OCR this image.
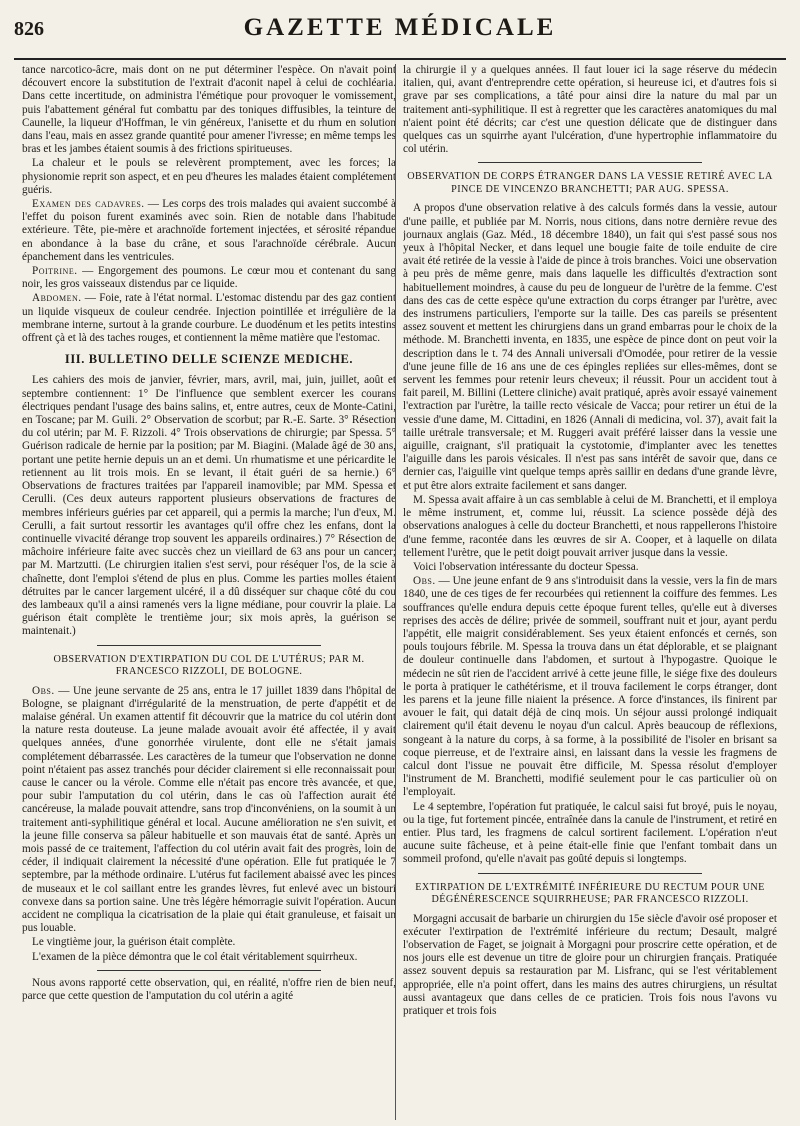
826	GAZETTE MÉDICALE

tance narcotico-âcre, mais dont on ne put déterminer l'espèce. On n'avait point découvert encore la substitution de l'extrait d'aconit napel à celui de cochléaria. Dans cette incertitude, on administra l'émétique pour provoquer le vomissement, puis l'abattement général fut combattu par des toniques diffusibles, la teinture de Caunelle, la liqueur d'Hoffman, le vin généreux, l'anisette et du rhum en solution dans l'eau, mais en assez grande quantité pour amener l'ivresse; en même temps les bras et les jambes étaient soumis à des frictions spiritueuses.

La chaleur et le pouls se relevèrent promptement, avec les forces; la physionomie reprit son aspect, et en peu d'heures les malades étaient complétement guéris.

Examen des cadavres. — Les corps des trois malades qui avaient succombé à l'effet du poison furent examinés avec soin. Rien de notable dans l'habitude extérieure. Tête, pie-mère et arachnoïde fortement injectées, et sérosité répandue en abondance à la base du crâne, et sous l'arachnoïde cérébrale. Aucun épanchement dans les ventricules.

Poitrine. — Engorgement des poumons. Le cœur mou et contenant du sang noir, les gros vaisseaux distendus par ce liquide.

Abdomen. — Foie, rate à l'état normal. L'estomac distendu par des gaz contient un liquide visqueux de couleur cendrée. Injection pointillée et irrégulière de la membrane interne, surtout à la grande courbure. Le duodénum et les petits intestins offrent çà et là des taches rouges, et contiennent la même matière que l'estomac.

III. BULLETINO DELLE SCIENZE MEDICHE.

Les cahiers des mois de janvier, février, mars, avril, mai, juin, juillet, août et septembre contiennent: 1° De l'influence que semblent exercer les courans électriques pendant l'usage des bains salins, et, entre autres, ceux de Monte-Catini, en Toscane; par M. Guili. 2° Observation de scorbut; par R.-E. Sarte. 3° Résection du col utérin; par M. F. Rizzoli. 4° Trois observations de chirurgie; par Spessa. 5° Guérison radicale de hernie par la position; par M. Biagini. (Malade âgé de 30 ans, portant une petite hernie depuis un an et demi. Un rhumatisme et une péricardite le retiennent au lit trois mois. En se levant, il était guéri de sa hernie.) 6° Observations de fractures traitées par l'appareil inamovible; par MM. Spessa et Cerulli. (Ces deux auteurs rapportent plusieurs observations de fractures de membres inférieurs guéries par cet appareil, qui a permis la marche; l'un d'eux, M. Cerulli, a fait surtout ressortir les avantages qu'il offre chez les enfans, dont la continuelle vivacité dérange trop souvent les appareils ordinaires.) 7° Résection de mâchoire inférieure faite avec succès chez un vieillard de 63 ans pour un cancer; par M. Martzutti. (Le chirurgien italien s'est servi, pour réséquer l'os, de la scie à chaînette, dont l'emploi s'étend de plus en plus. Comme les parties molles étaient détruites par le cancer largement ulcéré, il a dû disséquer sur chaque côté du cou des lambeaux qu'il a ainsi ramenés vers la ligne médiane, pour couvrir la plaie. La guérison était complète le trentième jour; six mois après, la guérison se maintenait.)

OBSERVATION D'EXTIRPATION DU COL DE L'UTÉRUS; PAR M. FRANCESCO RIZZOLI, DE BOLOGNE.

Obs. — Une jeune servante de 25 ans, entra le 17 juillet 1839 dans l'hôpital de Bologne, se plaignant d'irrégularité de la menstruation, de perte d'appétit et de malaise général. Un examen attentif fit découvrir que la matrice du col utérin dont la nature resta douteuse. La jeune malade avouait avoir été affectée, il y avait quelques années, d'une gonorrhée virulente, dont elle ne s'était jamais complétement débarrassée. Les caractères de la tumeur que l'observation ne donne point n'étaient pas assez tranchés pour décider clairement si elle reconnaissait pour cause le cancer ou la vérole. Comme elle n'était pas encore très avancée, et que, pour subir l'amputation du col utérin, dans le cas où l'affection aurait été cancéreuse, la malade pouvait attendre, sans trop d'inconvéniens, on la soumit à un traitement anti-syphilitique général et local. Aucune amélioration ne s'en suivit, et la jeune fille conserva sa pâleur habituelle et son mauvais état de santé. Après un mois passé de ce traitement, l'affection du col utérin avait fait des progrès, loin de céder, il indiquait clairement la nécessité d'une opération. Elle fut pratiquée le 7 septembre, par la méthode ordinaire. L'utérus fut facilement abaissé avec les pinces de museaux et le col saillant entre les grandes lèvres, fut enlevé avec un bistouri convexe dans sa portion saine. Une très légère hémorragie suivit l'opération. Aucun accident ne compliqua la cicatrisation de la plaie qui était granuleuse, et faisait un pus louable.

Le vingtième jour, la guérison était complète.

L'examen de la pièce démontra que le col était véritablement squirrheux.

Nous avons rapporté cette observation, qui, en réalité, n'offre rien de bien neuf, parce que cette question de l'amputation du col utérin a agité

la chirurgie il y a quelques années. Il faut louer ici la sage réserve du médecin italien, qui, avant d'entreprendre cette opération, si heureuse ici, et d'autres fois si grave par ses complications, a tâté pour ainsi dire la nature du mal par un traitement anti-syphilitique. Il est à regretter que les caractères anatomiques du mal n'aient point été décrits; car c'est une question délicate que de distinguer dans quelques cas un squirrhe ayant l'ulcération, d'une hypertrophie inflammatoire du col utérin.

OBSERVATION DE CORPS ÉTRANGER DANS LA VESSIE RETIRÉ AVEC LA PINCE DE VINCENZO BRANCHETTI; PAR AUG. SPESSA.

A propos d'une observation relative à des calculs formés dans la vessie, autour d'une paille, et publiée par M. Norris, nous citions, dans notre dernière revue des journaux anglais (Gaz. Méd., 18 décembre 1840), un fait qui s'est passé sous nos yeux à l'hôpital Necker, et dans lequel une bougie faite de toile enduite de cire avait été retirée de la vessie à l'aide de pince à trois branches. Voici une observation à peu près de même genre, mais dans laquelle les difficultés d'extraction sont habituellement moindres, à cause du peu de longueur de l'urètre de la femme. C'est dans des cas de cette espèce qu'une extraction du corps étranger par l'urètre, avec des instrumens particuliers, l'emporte sur la taille. Des cas pareils se présentent assez souvent et mettent les chirurgiens dans un grand embarras pour le choix de la méthode. M. Branchetti inventa, en 1835, une espèce de pince dont on peut voir la description dans le t. 74 des Annali universali d'Omodée, pour retirer de la vessie d'une jeune fille de 16 ans une de ces épingles repliées sur elles-mêmes, dont se servent les femmes pour retenir leurs cheveux; il réussit. Pour un accident tout à fait pareil, M. Billini (Lettere cliniche) avait pratiqué, après avoir essayé vainement l'extraction par l'urètre, la taille recto vésicale de Vacca; pour retirer un étui de la vessie d'une dame, M. Cittadini, en 1826 (Annali di medicina, vol. 37), avait fait la taille urétrale transversale; et M. Ruggeri avait préféré laisser dans la vessie une aiguille, craignant, s'il pratiquait la cystotomie, d'implanter avec les tenettes l'aiguille dans les parois vésicales. Il n'est pas sans intérêt de savoir que, dans ce dernier cas, l'aiguille vint quelque temps après saillir en dedans d'une grande lèvre, et put être alors extraite facilement et sans danger.

M. Spessa avait affaire à un cas semblable à celui de M. Branchetti, et il employa le même instrument, et, comme lui, réussit. La science possède déjà des observations analogues à celle du docteur Branchetti, et nous rappellerons l'histoire d'une femme, racontée dans les œuvres de sir A. Cooper, et à laquelle on dilata tellement l'urètre, que le petit doigt pouvait arriver jusque dans la vessie.

Voici l'observation intéressante du docteur Spessa.

Obs. — Une jeune enfant de 9 ans s'introduisit dans la vessie, vers la fin de mars 1840, une de ces tiges de fer recourbées qui retiennent la coiffure des femmes. Les souffrances qu'elle endura depuis cette époque furent telles, qu'elle eut à diverses reprises des accès de délire; privée de sommeil, souffrant nuit et jour, ayant perdu l'appétit, elle maigrit considérablement. Ses yeux étaient enfoncés et cernés, son pouls toujours fébrile. M. Spessa la trouva dans un état déplorable, et se plaignant de douleur continuelle dans l'abdomen, et surtout à l'hypogastre. Quoique le médecin ne sût rien de l'accident arrivé à cette jeune fille, le siége fixe des douleurs le porta à pratiquer le cathétérisme, et il trouva facilement le corps étranger, dont les parens et la jeune fille niaient la présence. A force d'instances, ils finirent par avouer le fait, qui datait déjà de cinq mois. Un séjour aussi prolongé indiquait clairement qu'il était devenu le noyau d'un calcul. Après beaucoup de réflexions, songeant à la nature du corps, à sa forme, à la possibilité de l'isoler en brisant sa coque pierreuse, et de l'extraire ainsi, en laissant dans la vessie les fragmens de calcul dont l'issue ne pouvait être difficile, M. Spessa résolut d'employer l'instrument de M. Branchetti, modifié seulement pour le cas particulier où on l'employait.

Le 4 septembre, l'opération fut pratiquée, le calcul saisi fut broyé, puis le noyau, ou la tige, fut fortement pincée, entraînée dans la canule de l'instrument, et retiré en entier. Plus tard, les fragmens de calcul sortirent facilement. L'opération n'eut aucune suite fâcheuse, et à peine était-elle finie que l'enfant tombait dans un sommeil profond, qu'elle n'avait pas goûté depuis si longtemps.

EXTIRPATION DE L'EXTRÉMITÉ INFÉRIEURE DU RECTUM POUR UNE DÉGÉNÉRESCENCE SQUIRRHEUSE; PAR FRANCESCO RIZZOLI.

Morgagni accusait de barbarie un chirurgien du 15e siècle d'avoir osé proposer et exécuter l'extirpation de l'extrémité inférieure du rectum; Desault, malgré l'observation de Faget, se joignait à Morgagni pour proscrire cette opération, et de nos jours elle est devenue un titre de gloire pour un chirurgien français. Pratiquée assez souvent depuis sa restauration par M. Lisfranc, qui se l'est véritablement appropriée, elle n'a point offert, dans les mains des autres chirurgiens, un résultat aussi avantageux que dans celles de ce praticien. Trois fois nous l'avons vu pratiquer et trois fois
